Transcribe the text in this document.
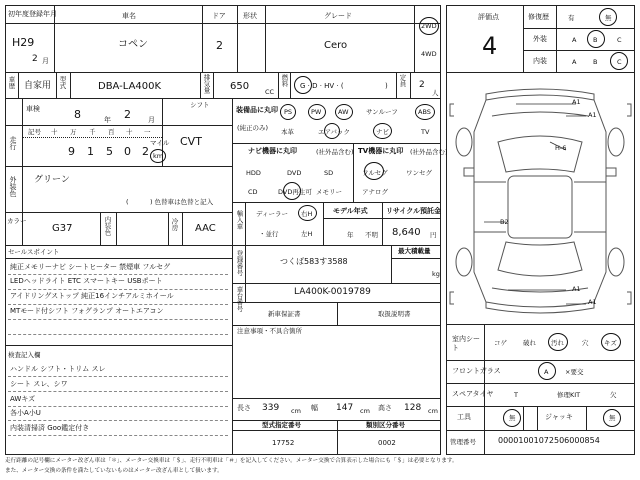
初年度登録年月
H29
2 月
車名
コペン
ドア
2
形状	グレード
Cero
2WD
4WD
車歴 自家用 型式	DBA-LA400K	排気量 650 CC
燃料 G · D · HV · (	) 定員 2
人
車検	8	年 2 月
シフト
CVT
走行
記号 十 万 千 百 十 一
9 1 5 0 2
マイル
km
外装色 グリーン
(	) 色替車は色替と記入
カラー
G37	内装色	冷房 AAC
装備品に丸印
(純正のみ)
PS	PW	AW	サンルーフ	ABS
本革	エアバック	ナビ	TV
ナビ機器に丸印	(社外品含む)
HDD	DVD	SD
CD	DVD再生可 メモリー
TV機器に丸印 (社外品含む)
フルセグ	ワンセグ
アナログ
輸入車 ディーラー 右H
・並行	左H
モデル年式
年 不明
リサイクル預託金
8,640 円
セールスポイント
純正メモリーナビ シートヒーター 禁煙車 フルセグ
LEDヘッドライト ETC スマートキー USBポート
アイドリングストップ 純正16インチアルミホイール
MTモード付シフト フォグランプ オートエアコン
検査記入欄
ハンドル シフト・トリム スレ
シート スレ、シワ
AWキズ
各小A小U
内装清掃済 Goo鑑定付き
登録番号	つくば583す3588
最大積載量
kg
車台番号	LA400K-0019789
新車保証書	取扱説明書
注意事項・不具合箇所
長さ 339 cm 幅 147 cm 高さ 128 cm
型式指定番号
17752
類別区分番号
0002
評価点
4
修復歴	有	無
外装	A	B	C
内装	A	B	C
A1
A1
B2
H-6
A1
A1
室内シート
コゲ 破れ 汚れ	穴 キズ
フロントガラス	A	×要交
スペアタイヤ	T	修理KIT	欠
工具	無	ジャッキ	無
管理番号	00001001072506000854
走行距離の記号欄にメーター改ざん車は「＊」、メーター交換車は「＄」、走行不明車は「＃」を記入してください。メーター交換で合算表示した場合にも「＄」は必要となります。
また、メーター交換の条件を満たしていないものはメーター改ざん車として扱います。
